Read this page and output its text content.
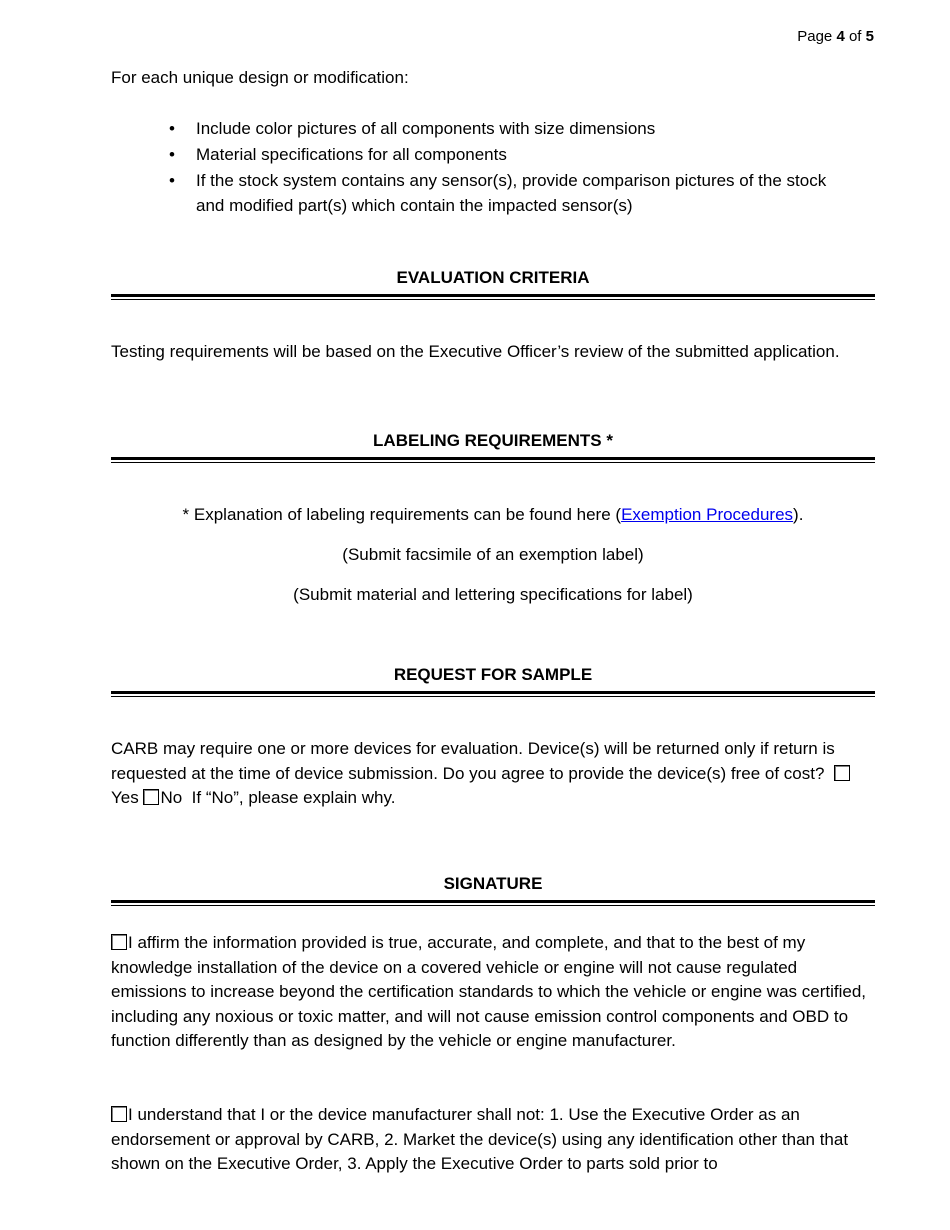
Page 4 of 5
For each unique design or modification:
• Include color pictures of all components with size dimensions
• Material specifications for all components
• If the stock system contains any sensor(s), provide comparison pictures of the stock and modified part(s) which contain the impacted sensor(s)
EVALUATION CRITERIA
Testing requirements will be based on the Executive Officer’s review of the submitted application.
LABELING REQUIREMENTS *
* Explanation of labeling requirements can be found here (Exemption Procedures).
(Submit facsimile of an exemption label)
(Submit material and lettering specifications for label)
REQUEST FOR SAMPLE
CARB may require one or more devices for evaluation. Device(s) will be returned only if return is requested at the time of device submission. Do you agree to provide the device(s) free of cost?  Yes No If “No”, please explain why.
SIGNATURE
I affirm the information provided is true, accurate, and complete, and that to the best of my knowledge installation of the device on a covered vehicle or engine will not cause regulated emissions to increase beyond the certification standards to which the vehicle or engine was certified, including any noxious or toxic matter, and will not cause emission control components and OBD to function differently than as designed by the vehicle or engine manufacturer.
I understand that I or the device manufacturer shall not: 1. Use the Executive Order as an endorsement or approval by CARB, 2. Market the device(s) using any identification other than that shown on the Executive Order, 3. Apply the Executive Order to parts sold prior to
